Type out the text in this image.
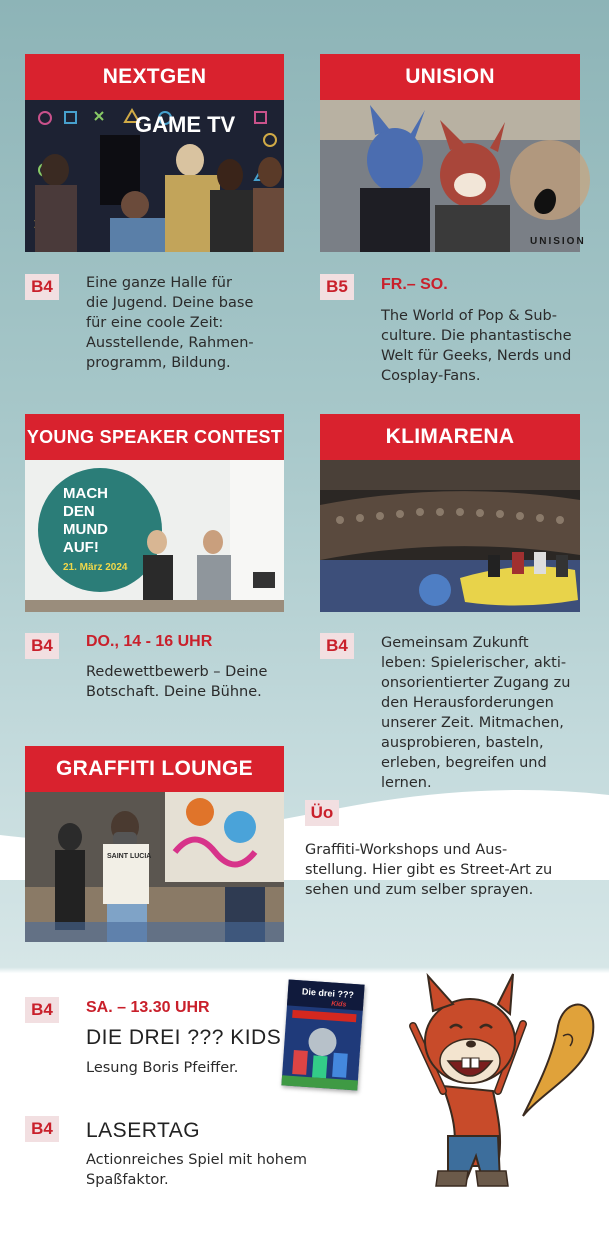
NEXTGEN
GAME TV
B4	Eine ganze Halle für
die Jugend. Deine base
für eine coole Zeit:
Ausstellende, Rahmen-
programm, Bildung.
UNISION
UNISION
B5	FR.– SO.
The World of Pop & Sub-
culture. Die phantastische
Welt für Geeks, Nerds und
Cosplay-Fans.
YOUNG SPEAKER CONTEST
MACH
DEN
MUND
AUF!
21. März 2024
B4	DO., 14 - 16 UHR
Redewettbewerb – Deine
Botschaft. Deine Bühne.
KLIMARENA
B4	Gemeinsam Zukunft
leben: Spielerischer, akti-
onsorientierter Zugang zu
den Herausforderungen
unserer Zeit. Mitmachen,
ausprobieren, basteln,
erleben, begreifen und
lernen.
GRAFFITI LOUNGE
SAINT LUCIA
Üo
Graffiti-Workshops und Aus-
stellung. Hier gibt es Street-Art zu
sehen und zum selber sprayen.
B4	SA. – 13.30 UHR
DIE DREI ??? KIDS
Lesung Boris Pfeiffer.
B4 LASERTAG
Actionreiches Spiel mit hohem
Spaßfaktor.
Die drei ???
Kids
